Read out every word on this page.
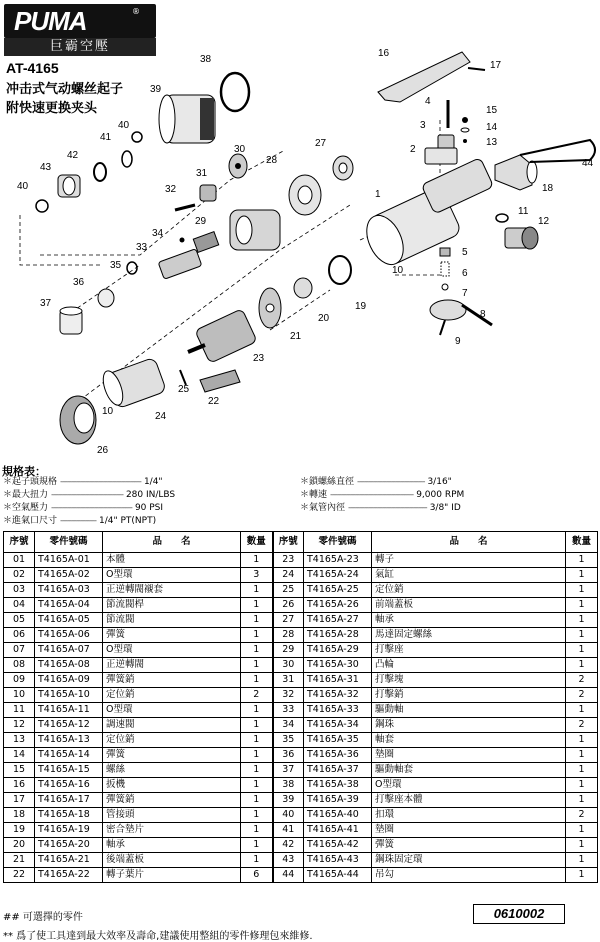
PUMA	®
巨霸空壓
AT-4165
冲击式气动螺丝起子
附快速更换夹头
1
2
3
4
5
6
7
8
9
10
10
11
12
13
14
15
16
17
18
19
20
21
22
23
24
25
26
27
28
29
30
31
32
33
34
35
36
37
38
39
40
40
41
42
43	44
規格表：
＊起子頭規格 ------------------------------------ 1/4"	＊鎖螺絲直徑 ------------------------------ 3/16"
＊最大扭力 -------------------------------- 280 IN/LBS	＊轉速 ------------------------------------- 9,000 RPM
＊空氣壓力 ------------------------------------ 90 PSI	＊氣管內徑 ----------------------------------- 3/8" ID
＊進氣口尺寸 ---------------- 1/4" PT(NPT)
序號	零件號碼	品　　名	數量	序號	零件號碼	品　　名	數量
01	T4165A-01	本體	1	23	T4165A-23	轉子	1
02	T4165A-02	O型環	3	24	T4165A-24	氣缸	1
03	T4165A-03	正逆轉閥襯套	1	25	T4165A-25	定位銷	1
04	T4165A-04	節流閥桿	1	26	T4165A-26	前端蓋板	1
05	T4165A-05	節流閥	1	27	T4165A-27	軸承	1
06	T4165A-06	彈簧	1	28	T4165A-28	馬達固定螺絲	1
07	T4165A-07	O型環	1	29	T4165A-29	打擊座	1
08	T4165A-08	正逆轉閥	1	30	T4165A-30	凸輪	1
09	T4165A-09	彈簧銷	1	31	T4165A-31	打擊塊	2
10	T4165A-10	定位銷	2	32	T4165A-32	打擊銷	2
11	T4165A-11	O型環	1	33	T4165A-33	驅動軸	1
12	T4165A-12	調速閥	1	34	T4165A-34	鋼珠	2
13	T4165A-13	定位銷	1	35	T4165A-35	軸套	1
14	T4165A-14	彈簧	1	36	T4165A-36	墊圈	1
15	T4165A-15	螺絲	1	37	T4165A-37	驅動軸套	1
16	T4165A-16	扳機	1	38	T4165A-38	O型環	1
17	T4165A-17	彈簧銷	1	39	T4165A-39	打擊座本體	1
18	T4165A-18	管接頭	1	40	T4165A-40	扣環	2
19	T4165A-19	密合墊片	1	41	T4165A-41	墊圈	1
20	T4165A-20	軸承	1	42	T4165A-42	彈簧	1
21	T4165A-21	後端蓋板	1	43	T4165A-43	鋼珠固定環	1
22	T4165A-22	轉子葉片	6	44	T4165A-44	吊勾	1
## 可選擇的零件	0610002
** 爲了使工具達到最大效率及壽命,建議使用整組的零件修理包來維修.
